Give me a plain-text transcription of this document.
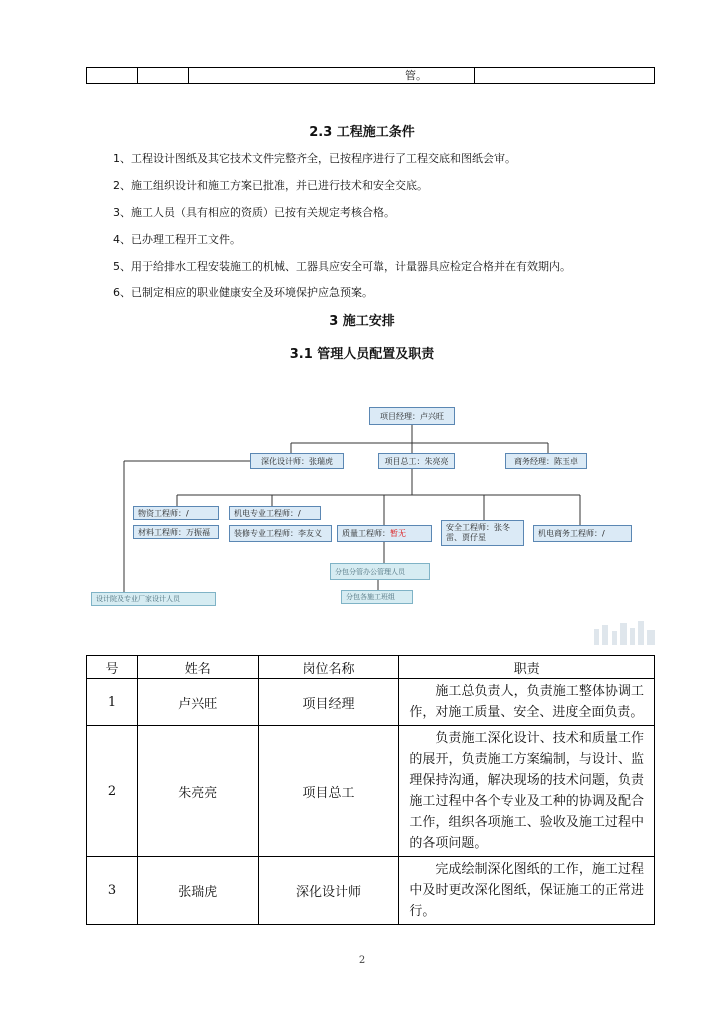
管。
2.3 工程施工条件
1、工程设计图纸及其它技术文件完整齐全，已按程序进行了工程交底和图纸会审。
2、施工组织设计和施工方案已批准，并已进行技术和安全交底。
3、施工人员（具有相应的资质）已按有关规定考核合格。
4、已办理工程开工文件。
5、用于给排水工程安装施工的机械、工器具应安全可靠，计量器具应检定合格并在有效期内。
6、已制定相应的职业健康安全及环境保护应急预案。
3 施工安排
3.1 管理人员配置及职责
项目经理：卢兴旺
深化设计师：张瑞虎	项目总工：朱亮亮	商务经理：陈玉卓
物资工程师：/
材料工程师：万振福
机电专业工程师：/
装修专业工程师：李友义	质量工程师： 暂无
安全工程师：张冬雷、贾仔星	机电商务工程师：/
分包分管办公管理人员
分包各施工班组
设计院及专业厂家设计人员
号	姓名	岗位名称	职责
1	卢兴旺	项目经理	施工总负责人，负责施工整体协调工作，对施工质量、安全、进度全面负责。
2	朱亮亮	项目总工	负责施工深化设计、技术和质量工作的展开，负责施工方案编制，与设计、监理保持沟通，解决现场的技术问题，负责施工过程中各个专业及工种的协调及配合工作，组织各项施工、验收及施工过程中的各项问题。
3	张瑞虎	深化设计师	完成绘制深化图纸的工作，施工过程中及时更改深化图纸，保证施工的正常进行。
2
